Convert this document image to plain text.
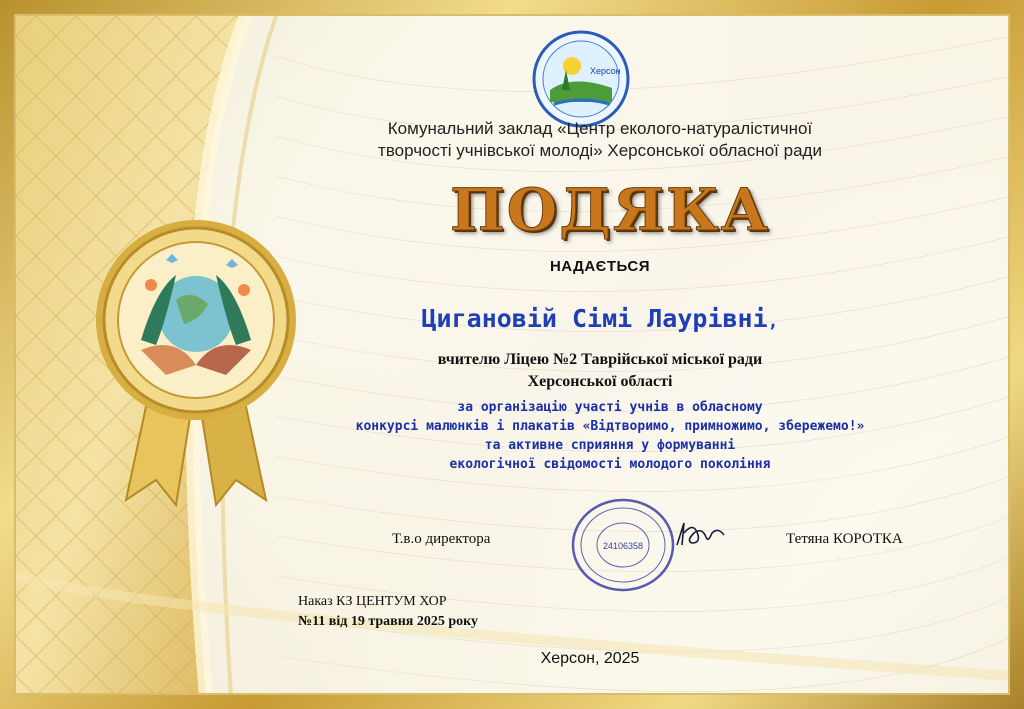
Херсон
24106358
Комунальний заклад «Центр еколого-натуралістичної
творчості учнівської молоді» Херсонської обласної ради
ПОДЯКА
НАДАЄТЬСЯ
Цигановій Сімі Лаурівні,
вчителю Ліцею №2 Таврійської міської ради
Херсонської області
за організацію участі учнів в обласному
конкурсі малюнків і плакатів «Відтворимо, примножимо, збережемо!»
та активне сприяння у формуванні
екологічної свідомості молодого покоління
Т.в.о директора	Тетяна КОРОТКА
Наказ КЗ ЦЕНТУМ ХОР
№11 від 19 травня 2025 року
Херсон, 2025
